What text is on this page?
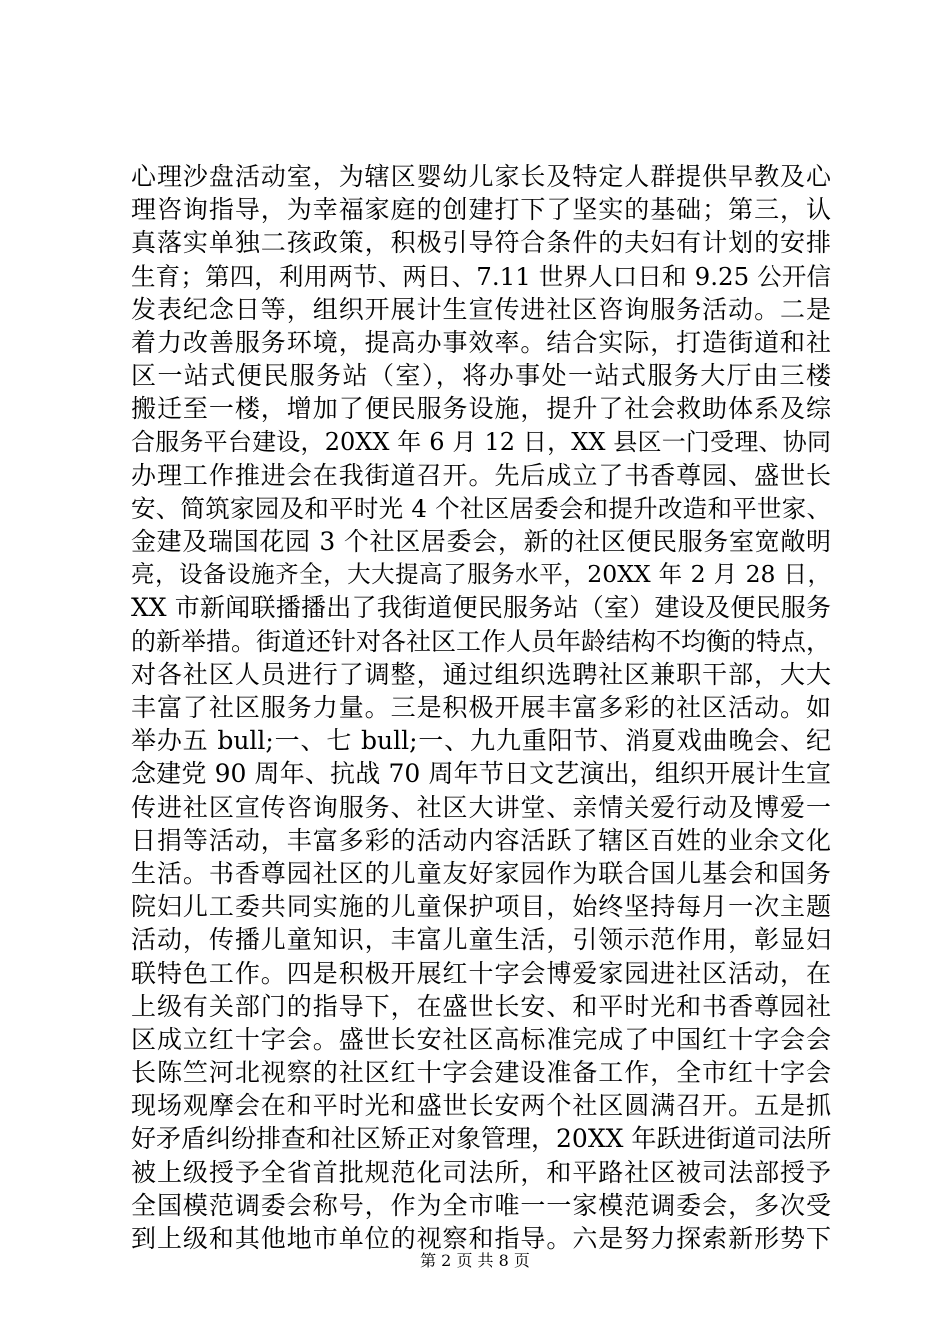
心理沙盘活动室，为辖区婴幼儿家长及特定人群提供早教及心
理咨询指导，为幸福家庭的创建打下了坚实的基础；第三，认
真落实单独二孩政策，积极引导符合条件的夫妇有计划的安排
生育；第四，利用两节、两日、7.11 世界人口日和 9.25 公开信
发表纪念日等，组织开展计生宣传进社区咨询服务活动。二是
着力改善服务环境，提高办事效率。结合实际，打造街道和社
区一站式便民服务站（室），将办事处一站式服务大厅由三楼
搬迁至一楼，增加了便民服务设施，提升了社会救助体系及综
合服务平台建设，20XX 年 6 月 12 日，XX 县区一门受理、协同
办理工作推进会在我街道召开。先后成立了书香尊园、盛世长
安、简筑家园及和平时光 4 个社区居委会和提升改造和平世家、
金建及瑞国花园 3 个社区居委会，新的社区便民服务室宽敞明
亮，设备设施齐全，大大提高了服务水平，20XX 年 2 月 28 日，
XX 市新闻联播播出了我街道便民服务站（室）建设及便民服务
的新举措。街道还针对各社区工作人员年龄结构不均衡的特点，
对各社区人员进行了调整，通过组织选聘社区兼职干部，大大
丰富了社区服务力量。三是积极开展丰富多彩的社区活动。如
举办五 bull;一、七 bull;一、九九重阳节、消夏戏曲晚会、纪
念建党 90 周年、抗战 70 周年节日文艺演出，组织开展计生宣
传进社区宣传咨询服务、社区大讲堂、亲情关爱行动及博爱一
日捐等活动，丰富多彩的活动内容活跃了辖区百姓的业余文化
生活。书香尊园社区的儿童友好家园作为联合国儿基会和国务
院妇儿工委共同实施的儿童保护项目，始终坚持每月一次主题
活动，传播儿童知识，丰富儿童生活，引领示范作用，彰显妇
联特色工作。四是积极开展红十字会博爱家园进社区活动，在
上级有关部门的指导下，在盛世长安、和平时光和书香尊园社
区成立红十字会。盛世长安社区高标准完成了中国红十字会会
长陈竺河北视察的社区红十字会建设准备工作，全市红十字会
现场观摩会在和平时光和盛世长安两个社区圆满召开。五是抓
好矛盾纠纷排查和社区矫正对象管理，20XX 年跃进街道司法所
被上级授予全省首批规范化司法所，和平路社区被司法部授予
全国模范调委会称号，作为全市唯一一家模范调委会，多次受
到上级和其他地市单位的视察和指导。六是努力探索新形势下
第 2 页 共 8 页
